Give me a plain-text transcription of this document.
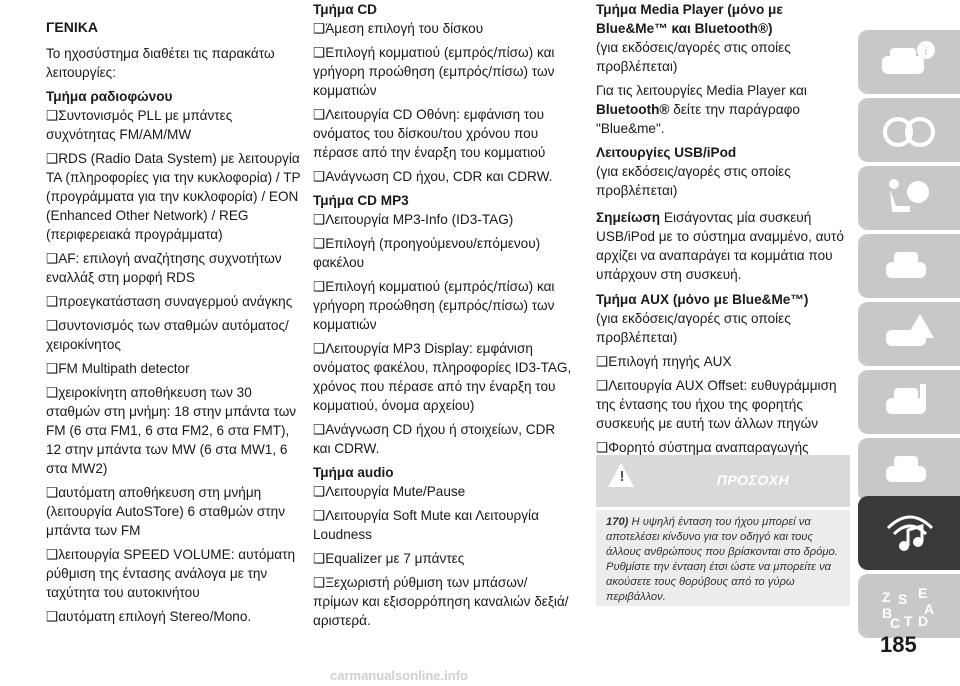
ΓΕΝΙΚΑ

Το ηχοσύστημα διαθέτει τις παρακάτω λειτουργίες:

Τμήμα ραδιοφώνου

❑ Συντονισμός PLL με μπάντες συχνότητας FM/AM/MW

❑ RDS (Radio Data System) με λειτουργία TA (πληροφορίες για την κυκλοφορία) / TP (προγράμματα για την κυκλοφορία) / EON (Enhanced Other Network) / REG (περιφερειακά προγράμματα)

❑ AF: επιλογή αναζήτησης συχνοτήτων εναλλάξ στη μορφή RDS

❑ προεγκατάσταση συναγερμού ανάγκης

❑ συντονισμός των σταθμών αυτόματος/χειροκίνητος

❑ FM Multipath detector

❑ χειροκίνητη αποθήκευση των 30 σταθμών στη μνήμη: 18 στην μπάντα των FM (6 στα FM1, 6 στα FM2, 6 στα FMT), 12 στην μπάντα των MW (6 στα MW1, 6 στα MW2)

❑ αυτόματη αποθήκευση στη μνήμη (λειτουργία AutoSTore) 6 σταθμών στην μπάντα των FM

❑ λειτουργία SPEED VOLUME: αυτόματη ρύθμιση της έντασης ανάλογα με την ταχύτητα του αυτοκινήτου

❑ αυτόματη επιλογή Stereo/Mono.

Τμήμα CD

❑ Άμεση επιλογή του δίσκου

❑ Επιλογή κομματιού (εμπρός/πίσω) και γρήγορη προώθηση (εμπρός/πίσω) των κομματιών

❑ Λειτουργία CD Οθόνη: εμφάνιση του ονόματος του δίσκου/του χρόνου που πέρασε από την έναρξη του κομματιού

❑ Ανάγνωση CD ήχου, CDR και CDRW.

Τμήμα CD MP3

❑ Λειτουργία MP3-Info (ID3-TAG)

❑ Επιλογή (προηγούμενου/επόμενου) φακέλου

❑ Επιλογή κομματιού (εμπρός/πίσω) και γρήγορη προώθηση (εμπρός/πίσω) των κομματιών

❑ Λειτουργία MP3 Display: εμφάνιση ονόματος φακέλου, πληροφορίες ID3-TAG, χρόνος που πέρασε από την έναρξη του κομματιού, όνομα αρχείου)

❑ Ανάγνωση CD ήχου ή στοιχείων, CDR και CDRW.

Τμήμα audio

❑ Λειτουργία Mute/Pause

❑ Λειτουργία Soft Mute και Λειτουργία Loudness

❑ Equalizer με 7 μπάντες

❑ Ξεχωριστή ρύθμιση των μπάσων/ πρίμων και εξισορρόπηση καναλιών δεξιά/αριστερά.

Τμήμα Media Player (μόνο με Blue&Me™ και Bluetooth®)

(για εκδόσεις/αγορές στις οποίες προβλέπεται)

Για τις λειτουργίες Media Player και Bluetooth® δείτε την παράγραφο "Blue&me".

Λειτουργίες USB/iPod

(για εκδόσεις/αγορές στις οποίες προβλέπεται)

Σημείωση Εισάγοντας μία συσκευή USB/iPod με το σύστημα αναμμένο, αυτό αρχίζει να αναπαράγει τα κομμάτια που υπάρχουν στη συσκευή.

Τμήμα AUX (μόνο με Blue&Me™)

(για εκδόσεις/αγορές στις οποίες προβλέπεται)

❑ Επιλογή πηγής AUX

❑ Λειτουργία AUX Offset: ευθυγράμμιση της έντασης του ήχου της φορητής συσκευής με αυτή των άλλων πηγών

❑ Φορητό σύστημα αναπαραγωγής

!	ΠΡΟΣΟΧΗ
170) Η υψηλή ένταση του ήχου μπορεί να αποτελέσει κίνδυνο για τον οδηγό και τους άλλους ανθρώπους που βρίσκονται στο δρόμο. Ρυθμίστε την ένταση έτσι ώστε να μπορείτε να ακούσετε τους θορύβους από το γύρω περιβάλλον.
i
Z E
S
A
B D
C T
185
carmanualsonline.info
